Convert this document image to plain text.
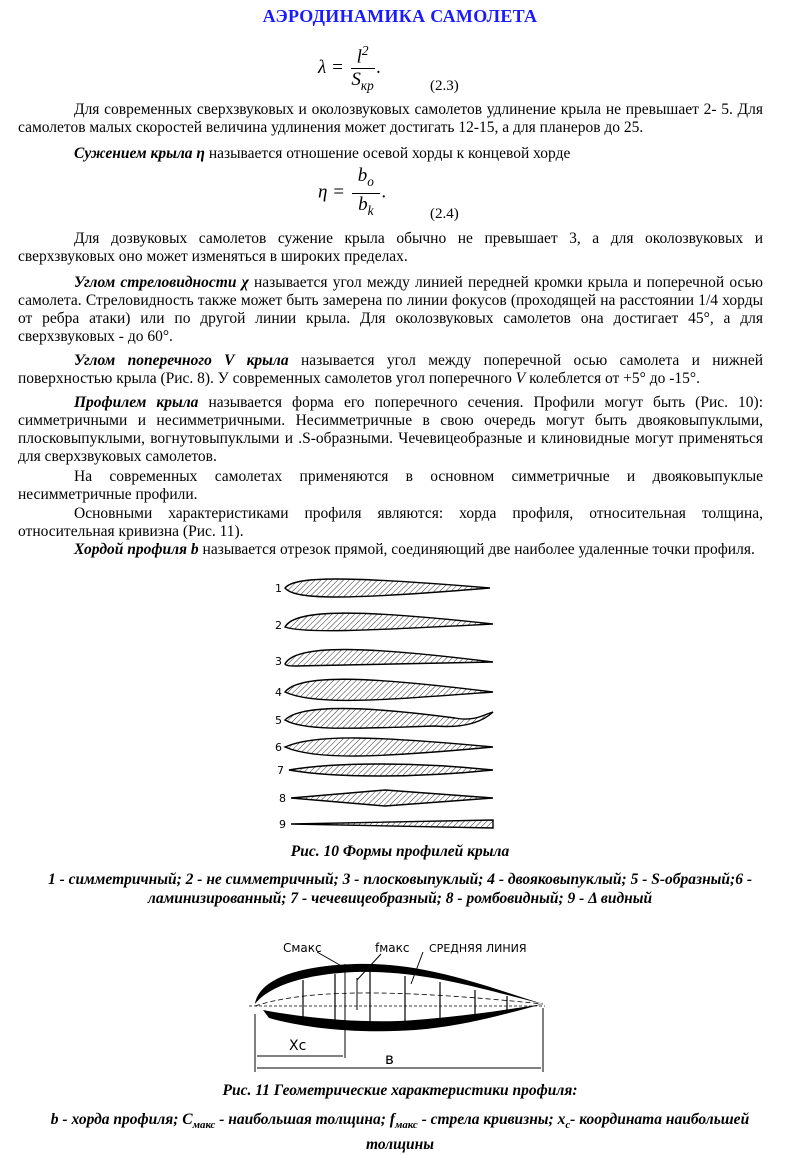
АЭРОДИНАМИКА САМОЛЕТА
$\lambda = \frac{l^2}{S_{кр}}$ .
(2.3)
Для современных сверхзвуковых и околозвуковых самолетов удлинение крыла не превышает 2- 5. Для самолетов малых скоростей величина удлинения может достигать 12-15, а для планеров до 25.
Сужением крыла η называется отношение осевой хорды к концевой хорде
$\eta = \frac{b_o}{b_k}$ .
(2.4)
Для дозвуковых самолетов сужение крыла обычно не превышает 3, а для околозвуковых и сверхзвуковых оно может изменяться в широких пределах.
Углом стреловидности χ называется угол между линией передней кромки крыла и поперечной осью самолета. Стреловидность также может быть замерена по линии фокусов (проходящей на расстоянии 1/4 хорды от ребра атаки) или по другой линии крыла. Для околозвуковых самолетов она достигает 45°, а для сверхзвуковых - до 60°.
Углом поперечного V крыла называется угол между поперечной осью самолета и нижней поверхностью крыла (Рис. 8). У современных самолетов угол поперечного V колеблется от +5° до -15°.
Профилем крыла называется форма его поперечного сечения. Профили могут быть (Рис. 10): симметричными и несимметричными. Несимметричные в свою очередь могут быть двояковыпуклыми, плосковыпуклыми, вогнутовыпуклыми и .S-образными. Чечевицеобразные и клиновидные могут применяться для сверхзвуковых самолетов.
На современных самолетах применяются в основном симметричные и двояковыпуклые несимметричные профили.
Основными характеристиками профиля являются: хорда профиля, относительная толщина, относительная кривизна (Рис. 11).
Хордой профиля b называется отрезок прямой, соединяющий две наиболее удаленные точки профиля.
1
2
3
4
5
6
7
8
9
Рис. 10 Формы профилей крыла
1 - симметричный; 2 - не симметричный; 3 - плосковыпуклый; 4 - двояковыпуклый; 5 - S-образный;6 - ламинизированный; 7 - чечевицеобразный; 8 - ромбовидный; 9 - Δ видный
Cмакс	fмакс СРЕДНЯЯ ЛИНИЯ
Xc
в
Рис. 11 Геометрические характеристики профиля:
b - хорда профиля; $C_{макс}$ - наибольшая толщина; $f_{макс}$ - стрела кривизны; $x_c-$ координата наибольшей толщины
